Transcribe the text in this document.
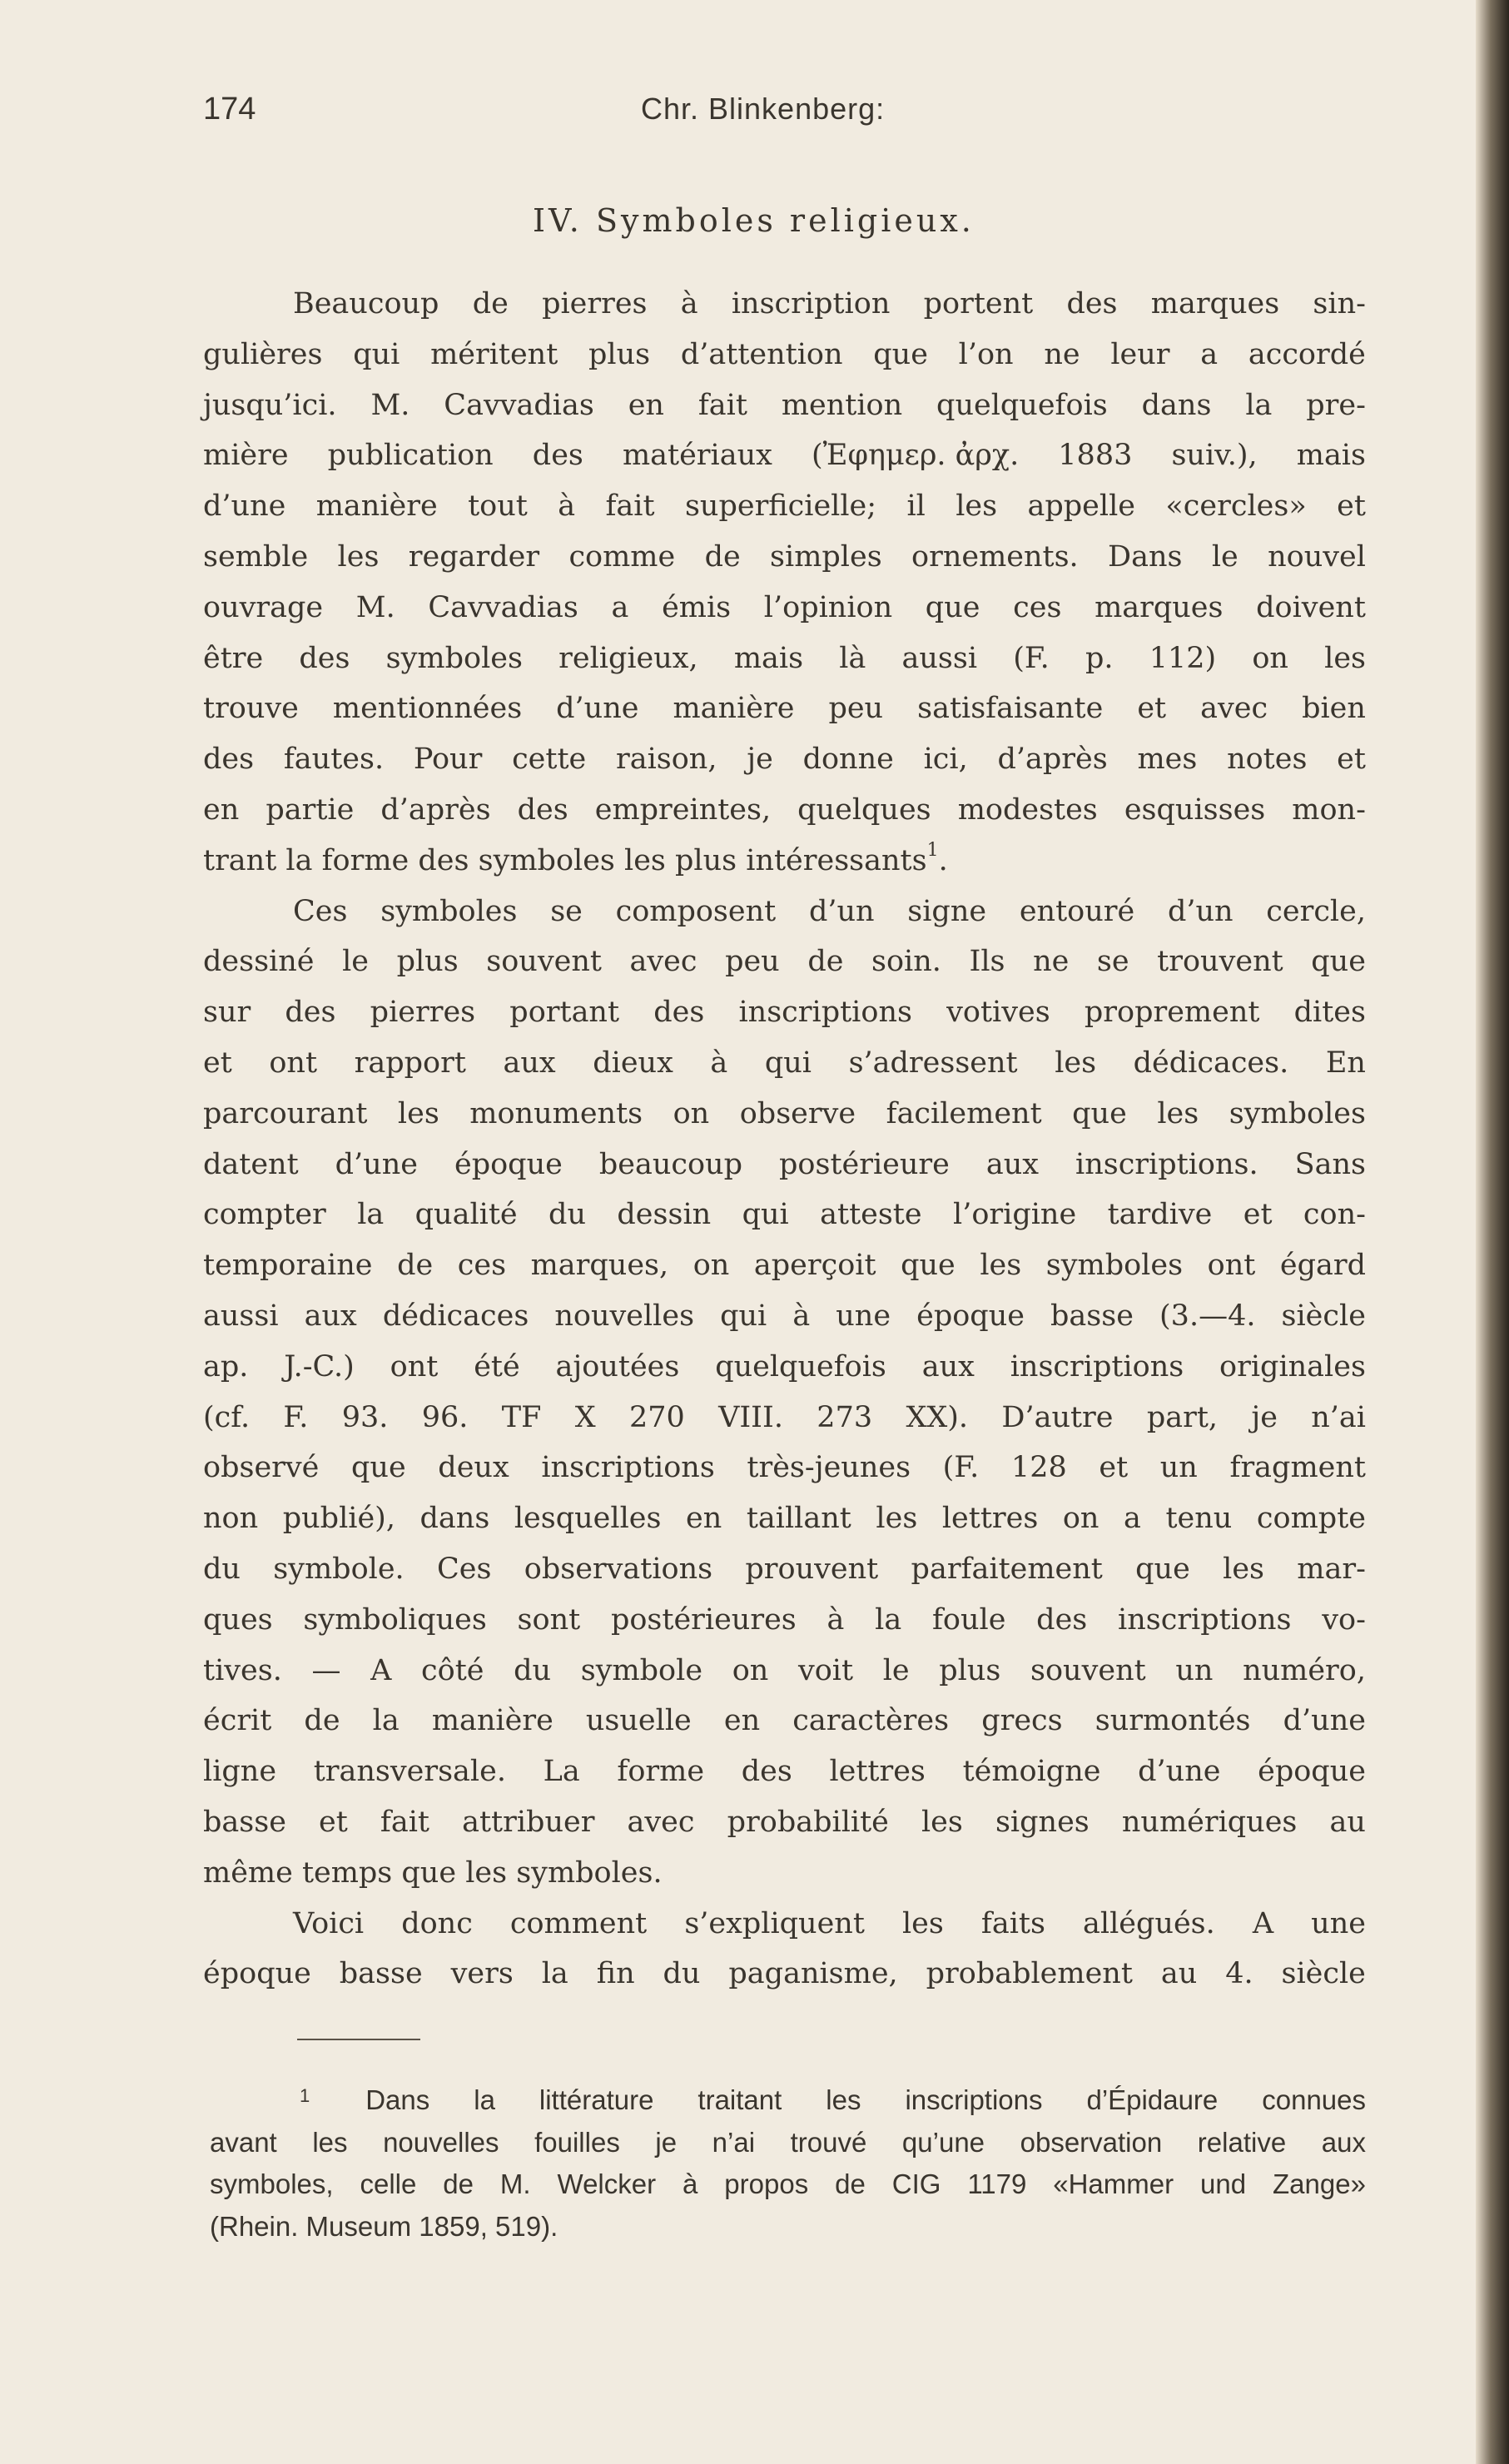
174	Chr. Blinkenberg:
IV. Symboles religieux.
Beaucoup de pierres à inscription portent des marques sin-
gulières qui méritent plus d’attention que l’on ne leur a accordé
jusqu’ici. M. Cavvadias en fait mention quelquefois dans la pre-
mière publication des matériaux (Ἐφημερ. ἀρχ. 1883 suiv.), mais
d’une manière tout à fait superficielle; il les appelle «cercles» et
semble les regarder comme de simples ornements. Dans le nouvel
ouvrage M. Cavvadias a émis l’opinion que ces marques doivent
être des symboles religieux, mais là aussi (F. p. 112) on les
trouve mentionnées d’une manière peu satisfaisante et avec bien
des fautes. Pour cette raison, je donne ici, d’après mes notes et
en partie d’après des empreintes, quelques modestes esquisses mon-
trant la forme des symboles les plus intéressants 1 .
Ces symboles se composent d’un signe entouré d’un cercle,
dessiné le plus souvent avec peu de soin. Ils ne se trouvent que
sur des pierres portant des inscriptions votives proprement dites
et ont rapport aux dieux à qui s’adressent les dédicaces. En
parcourant les monuments on observe facilement que les symboles
datent d’une époque beaucoup postérieure aux inscriptions. Sans
compter la qualité du dessin qui atteste l’origine tardive et con-
temporaine de ces marques, on aperçoit que les symboles ont égard
aussi aux dédicaces nouvelles qui à une époque basse (3.—4. siècle
ap. J.-C.) ont été ajoutées quelquefois aux inscriptions originales
(cf. F. 93. 96. TF X 270 VIII. 273 XX). D’autre part, je n’ai
observé que deux inscriptions très-jeunes (F. 128 et un fragment
non publié), dans lesquelles en taillant les lettres on a tenu compte
du symbole. Ces observations prouvent parfaitement que les mar-
ques symboliques sont postérieures à la foule des inscriptions vo-
tives. — A côté du symbole on voit le plus souvent un numéro,
écrit de la manière usuelle en caractères grecs surmontés d’une
ligne transversale. La forme des lettres témoigne d’une époque
basse et fait attribuer avec probabilité les signes numériques au
même temps que les symboles.
Voici donc comment s’expliquent les faits allégués. A une
époque basse vers la fin du paganisme, probablement au 4. siècle
1 Dans la littérature traitant les inscriptions d’Épidaure connues
avant les nouvelles fouilles je n’ai trouvé qu’une observation relative aux
symboles, celle de M. Welcker à propos de CIG 1179 «Hammer und Zange»
(Rhein. Museum 1859, 519).
